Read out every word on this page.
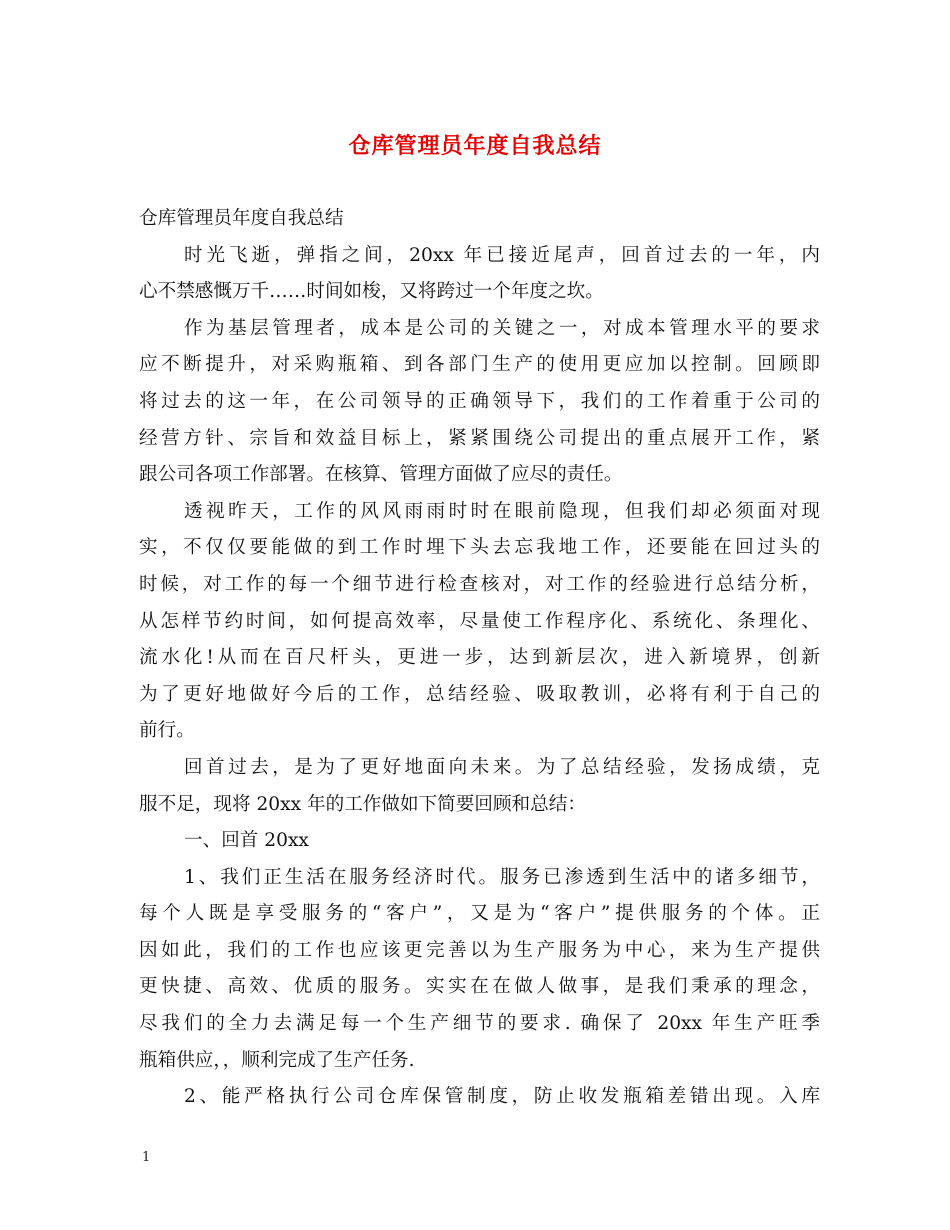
仓库管理员年度自我总结
仓库管理员年度自我总结
时光飞逝，弹指之间，20xx 年已接近尾声，回首过去的一年，内
心不禁感慨万千……时间如梭，又将跨过一个年度之坎。
作为基层管理者，成本是公司的关键之一，对成本管理水平的要求
应不断提升，对采购瓶箱、到各部门生产的使用更应加以控制。回顾即
将过去的这一年，在公司领导的正确领导下，我们的工作着重于公司的
经营方针、宗旨和效益目标上，紧紧围绕公司提出的重点展开工作，紧
跟公司各项工作部署。在核算、管理方面做了应尽的责任。
透视昨天，工作的风风雨雨时时在眼前隐现，但我们却必须面对现
实，不仅仅要能做的到工作时埋下头去忘我地工作，还要能在回过头的
时候，对工作的每一个细节进行检查核对，对工作的经验进行总结分析，
从怎样节约时间，如何提高效率，尽量使工作程序化、系统化、条理化、
流水化!从而在百尺杆头，更进一步，达到新层次，进入新境界，创新
为了更好地做好今后的工作，总结经验、吸取教训，必将有利于自己的
前行。
回首过去，是为了更好地面向未来。为了总结经验，发扬成绩，克
服不足，现将 20xx 年的工作做如下简要回顾和总结：
一、回首 20xx
1、我们正生活在服务经济时代。服务已渗透到生活中的诸多细节，
每个人既是享受服务的“客户”，又是为“客户”提供服务的个体。正
因如此，我们的工作也应该更完善以为生产服务为中心，来为生产提供
更快捷、高效、优质的服务。实实在在做人做事，是我们秉承的理念，
尽我们的全力去满足每一个生产细节的要求. 确保了 20xx 年生产旺季
瓶箱供应，，顺利完成了生产任务.
2、能严格执行公司仓库保管制度，防止收发瓶箱差错出现。入库
1
